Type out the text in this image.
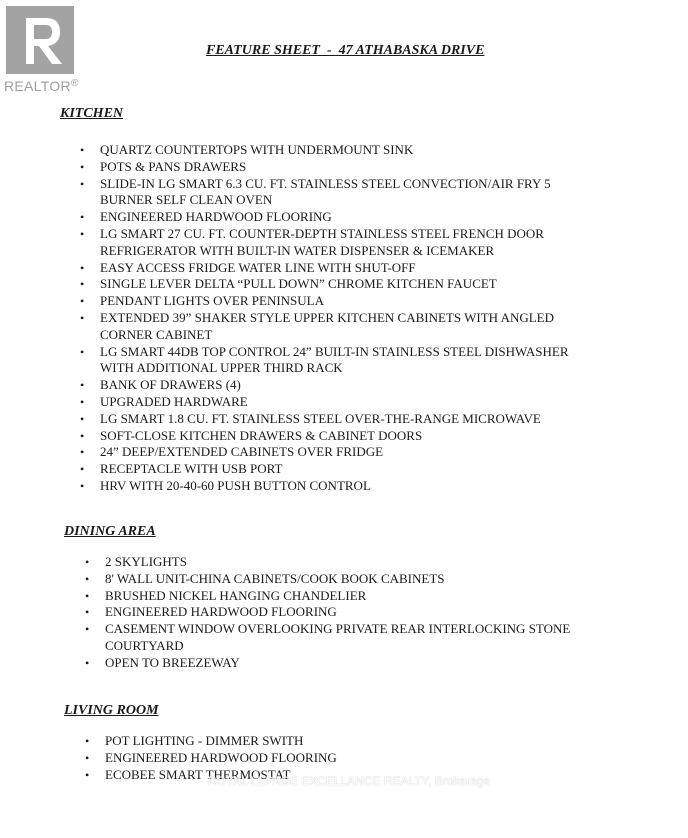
REALTOR®
FEATURE SHEET  -  47 ATHABASKA DRIVE
KITCHEN
• QUARTZ COUNTERTOPS WITH UNDERMOUNT SINK
• POTS & PANS DRAWERS
• SLIDE-IN LG SMART 6.3 CU. FT. STAINLESS STEEL CONVECTION/AIR FRY 5 BURNER SELF CLEAN OVEN
• ENGINEERED HARDWOOD FLOORING
• LG SMART 27 CU. FT. COUNTER-DEPTH STAINLESS STEEL FRENCH DOOR REFRIGERATOR WITH BUILT-IN WATER DISPENSER & ICEMAKER
• EASY ACCESS FRIDGE WATER LINE WITH SHUT-OFF
• SINGLE LEVER DELTA “PULL DOWN” CHROME KITCHEN FAUCET
• PENDANT LIGHTS OVER PENINSULA
• EXTENDED 39” SHAKER STYLE UPPER KITCHEN CABINETS WITH ANGLED CORNER CABINET
• LG SMART 44DB TOP CONTROL 24” BUILT-IN STAINLESS STEEL DISHWASHER WITH ADDITIONAL UPPER THIRD RACK
• BANK OF DRAWERS (4)
• UPGRADED HARDWARE
• LG SMART 1.8 CU. FT. STAINLESS STEEL OVER-THE-RANGE MICROWAVE
• SOFT-CLOSE KITCHEN DRAWERS & CABINET DOORS
• 24” DEEP/EXTENDED CABINETS OVER FRIDGE
• RECEPTACLE WITH USB PORT
• HRV WITH 20-40-60 PUSH BUTTON CONTROL
DINING AREA
• 2 SKYLIGHTS
• 8' WALL UNIT-CHINA CABINETS/COOK BOOK CABINETS
• BRUSHED NICKEL HANGING CHANDELIER
• ENGINEERED HARDWOOD FLOORING
• CASEMENT WINDOW OVERLOOKING PRIVATE REAR INTERLOCKING STONE COURTYARD
• OPEN TO BREEZEWAY
LIVING ROOM
• POT LIGHTING - DIMMER SWITH
• ENGINEERED HARDWOOD FLOORING
• ECOBEE SMART THERMOSTAT
ROYAL LEPAGE EXCELLANCE REALTY, Brokerage
